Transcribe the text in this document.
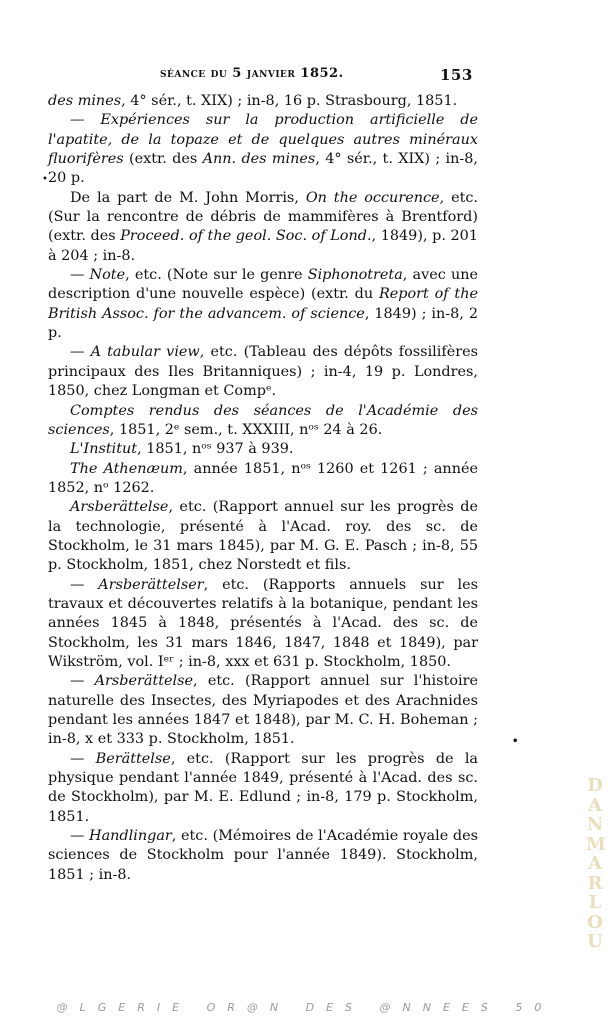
séance du 5 janvier 1852.	153

des mines, 4° sér., t. XIX) ; in-8, 16 p. Strasbourg, 1851.

— Expériences sur la production artificielle de l'apatite, de la topaze et de quelques autres minéraux fluorifères (extr. des Ann. des mines, 4° sér., t. XIX) ; in-8, 20 p.

De la part de M. John Morris, On the occurence, etc. (Sur la rencontre de débris de mammifères à Brentford) (extr. des Proceed. of the geol. Soc. of Lond., 1849), p. 201 à 204 ; in-8.

— Note, etc. (Note sur le genre Siphonotreta, avec une description d'une nouvelle espèce) (extr. du Report of the British Assoc. for the advancem. of science, 1849) ; in-8, 2 p.

— A tabular view, etc. (Tableau des dépôts fossilifères principaux des Iles Britanniques) ; in-4, 19 p. Londres, 1850, chez Longman et Compᵉ.

Comptes rendus des séances de l'Académie des sciences, 1851, 2ᵉ sem., t. XXXIII, nᵒˢ 24 à 26.

L'Institut, 1851, nᵒˢ 937 à 939.

The Athenæum, année 1851, nᵒˢ 1260 et 1261 ; année 1852, nᵒ 1262.

Arsberättelse, etc. (Rapport annuel sur les progrès de la technologie, présenté à l'Acad. roy. des sc. de Stockholm, le 31 mars 1845), par M. G. E. Pasch ; in-8, 55 p. Stockholm, 1851, chez Norstedt et fils.

— Arsberättelser, etc. (Rapports annuels sur les travaux et découvertes relatifs à la botanique, pendant les années 1845 à 1848, présentés à l'Acad. des sc. de Stockholm, les 31 mars 1846, 1847, 1848 et 1849), par Wikström, vol. Iᵉʳ ; in-8, xxx et 631 p. Stockholm, 1850.

— Arsberättelse, etc. (Rapport annuel sur l'histoire naturelle des Insectes, des Myriapodes et des Arachnides pendant les années 1847 et 1848), par M. C. H. Boheman ; in-8, x et 333 p. Stockholm, 1851.

— Berättelse, etc. (Rapport sur les progrès de la physique pendant l'année 1849, présenté à l'Acad. des sc. de Stockholm), par M. E. Edlund ; in-8, 179 p. Stockholm, 1851.

— Handlingar, etc. (Mémoires de l'Académie royale des sciences de Stockholm pour l'année 1849). Stockholm, 1851 ; in-8.

•
•
D
A
N
M
A
R
L
O
U
@LGERIE OR@N DES @NNEES 50
